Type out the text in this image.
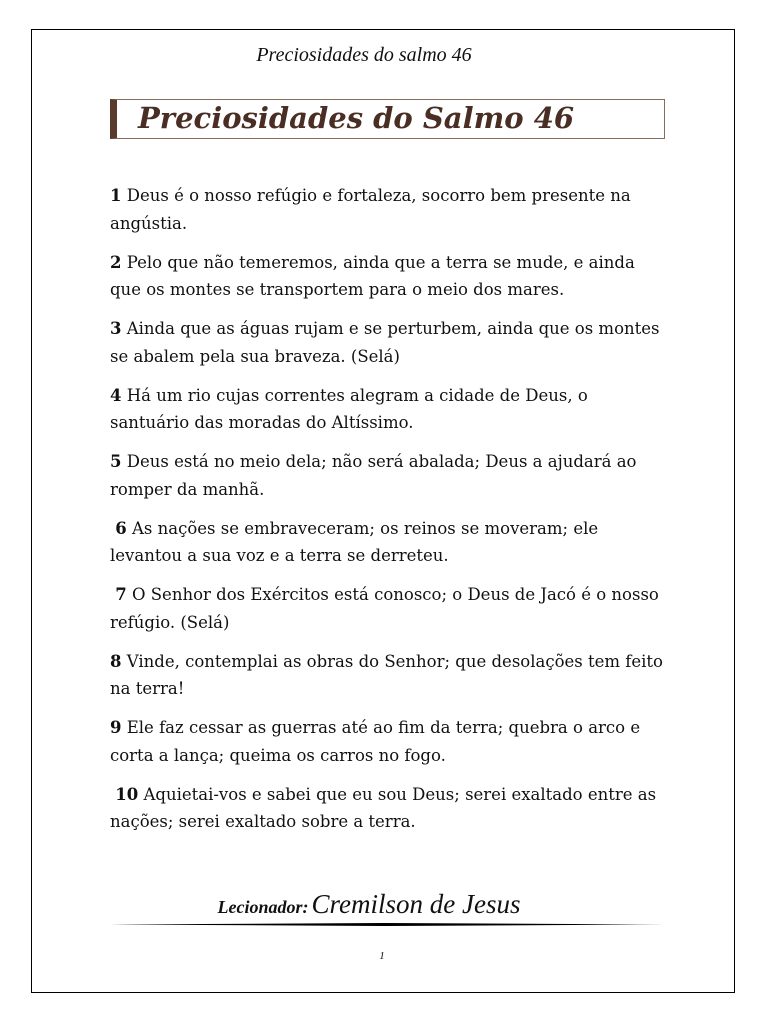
Preciosidades do salmo 46
Preciosidades do Salmo 46

1 Deus é o nosso refúgio e fortaleza, socorro bem presente na angústia.

2 Pelo que não temeremos, ainda que a terra se mude, e ainda que os montes se transportem para o meio dos mares.

3 Ainda que as águas rujam e se perturbem, ainda que os montes se abalem pela sua braveza. (Selá)

4 Há um rio cujas correntes alegram a cidade de Deus, o santuário das moradas do Altíssimo.

5 Deus está no meio dela; não será abalada; Deus a ajudará ao romper da manhã.

6 As nações se embraveceram; os reinos se moveram; ele levantou a sua voz e a terra se derreteu.

7 O Senhor dos Exércitos está conosco; o Deus de Jacó é o nosso refúgio. (Selá)

8 Vinde, contemplai as obras do Senhor; que desolações tem feito na terra!

9 Ele faz cessar as guerras até ao fim da terra; quebra o arco e corta a lança; queima os carros no fogo.

10 Aquietai-vos e sabei que eu sou Deus; serei exaltado entre as nações; serei exaltado sobre a terra.

Lecionador: Cremilson de Jesus
1
